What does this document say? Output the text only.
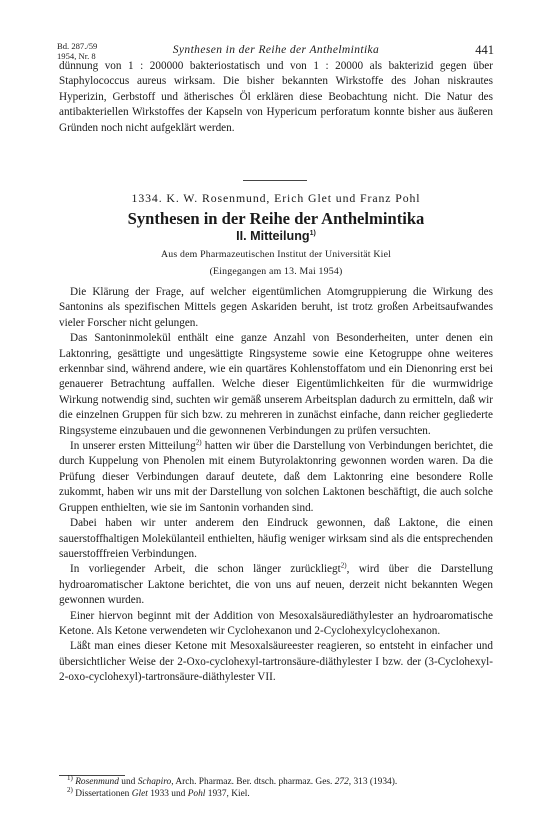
Bd. 287./59
1954, Nr. 8	Synthesen in der Reihe der Anthelmintika	441

dünnung von 1 : 200000 bakteriostatisch und von 1 : 20000 als bakterizid gegen über Staphylococcus aureus wirksam. Die bisher bekannten Wirkstoffe des Johan niskrautes Hyperizin, Gerbstoff und ätherisches Öl erklären diese Beobachtung nicht. Die Natur des antibakteriellen Wirkstoffes der Kapseln von Hypericum perforatum konnte bisher aus äußeren Gründen noch nicht aufgeklärt werden.

1334. K. W. Rosenmund, Erich Glet und Franz Pohl
Synthesen in der Reihe der Anthelmintika
II. Mitteilung$^{1)}$
Aus dem Pharmazeutischen Institut der Universität Kiel
(Eingegangen am 13. Mai 1954)

Die Klärung der Frage, auf welcher eigentümlichen Atomgruppierung die Wirkung des Santonins als spezifischen Mittels gegen Askariden beruht, ist trotz großen Arbeitsaufwandes vieler Forscher nicht gelungen.

Das Santoninmolekül enthält eine ganze Anzahl von Besonderheiten, unter denen ein Laktonring, gesättigte und ungesättigte Ringsysteme sowie eine Ketogruppe ohne weiteres erkennbar sind, während andere, wie ein quartäres Kohlenstoffatom und ein Dienonring erst bei genauerer Betrachtung auffallen. Welche dieser Eigentümlichkeiten für die wurmwidrige Wirkung notwendig sind, suchten wir gemäß unserem Arbeitsplan dadurch zu ermitteln, daß wir die einzelnen Gruppen für sich bzw. zu mehreren in zunächst einfache, dann reicher gegliederte Ringsysteme einzubauen und die gewonnenen Verbindungen zu prüfen versuchten.

In unserer ersten Mitteilung$^{2)}$ hatten wir über die Darstellung von Verbindungen berichtet, die durch Kuppelung von Phenolen mit einem Butyrolaktonring gewonnen worden waren. Da die Prüfung dieser Verbindungen darauf deutete, daß dem Laktonring eine besondere Rolle zukommt, haben wir uns mit der Darstellung von solchen Laktonen beschäftigt, die auch solche Gruppen enthielten, wie sie im Santonin vorhanden sind.

Dabei haben wir unter anderem den Eindruck gewonnen, daß Laktone, die einen sauerstoffhaltigen Molekülanteil enthielten, häufig weniger wirksam sind als die entsprechenden sauerstofffreien Verbindungen.

In vorliegender Arbeit, die schon länger zurückliegt$^{2)}$, wird über die Darstellung hydroaromatischer Laktone berichtet, die von uns auf neuen, derzeit nicht bekannten Wegen gewonnen wurden.

Einer hiervon beginnt mit der Addition von Mesoxalsäurediäthylester an hydroaromatische Ketone. Als Ketone verwendeten wir Cyclohexanon und 2-Cyclohexylcyclohexanon.

Läßt man eines dieser Ketone mit Mesoxalsäureester reagieren, so entsteht in einfacher und übersichtlicher Weise der 2-Oxo-cyclohexyl-tartronsäure-diäthylester I bzw. der (3-Cyclohexyl-2-oxo-cyclohexyl)-tartronsäure-diäthylester VII.

$^{1)}$ Rosenmund und Schapiro, Arch. Pharmaz. Ber. dtsch. pharmaz. Ges. 272, 313 (1934).
$^{2)}$ Dissertationen Glet 1933 und Pohl 1937, Kiel.
